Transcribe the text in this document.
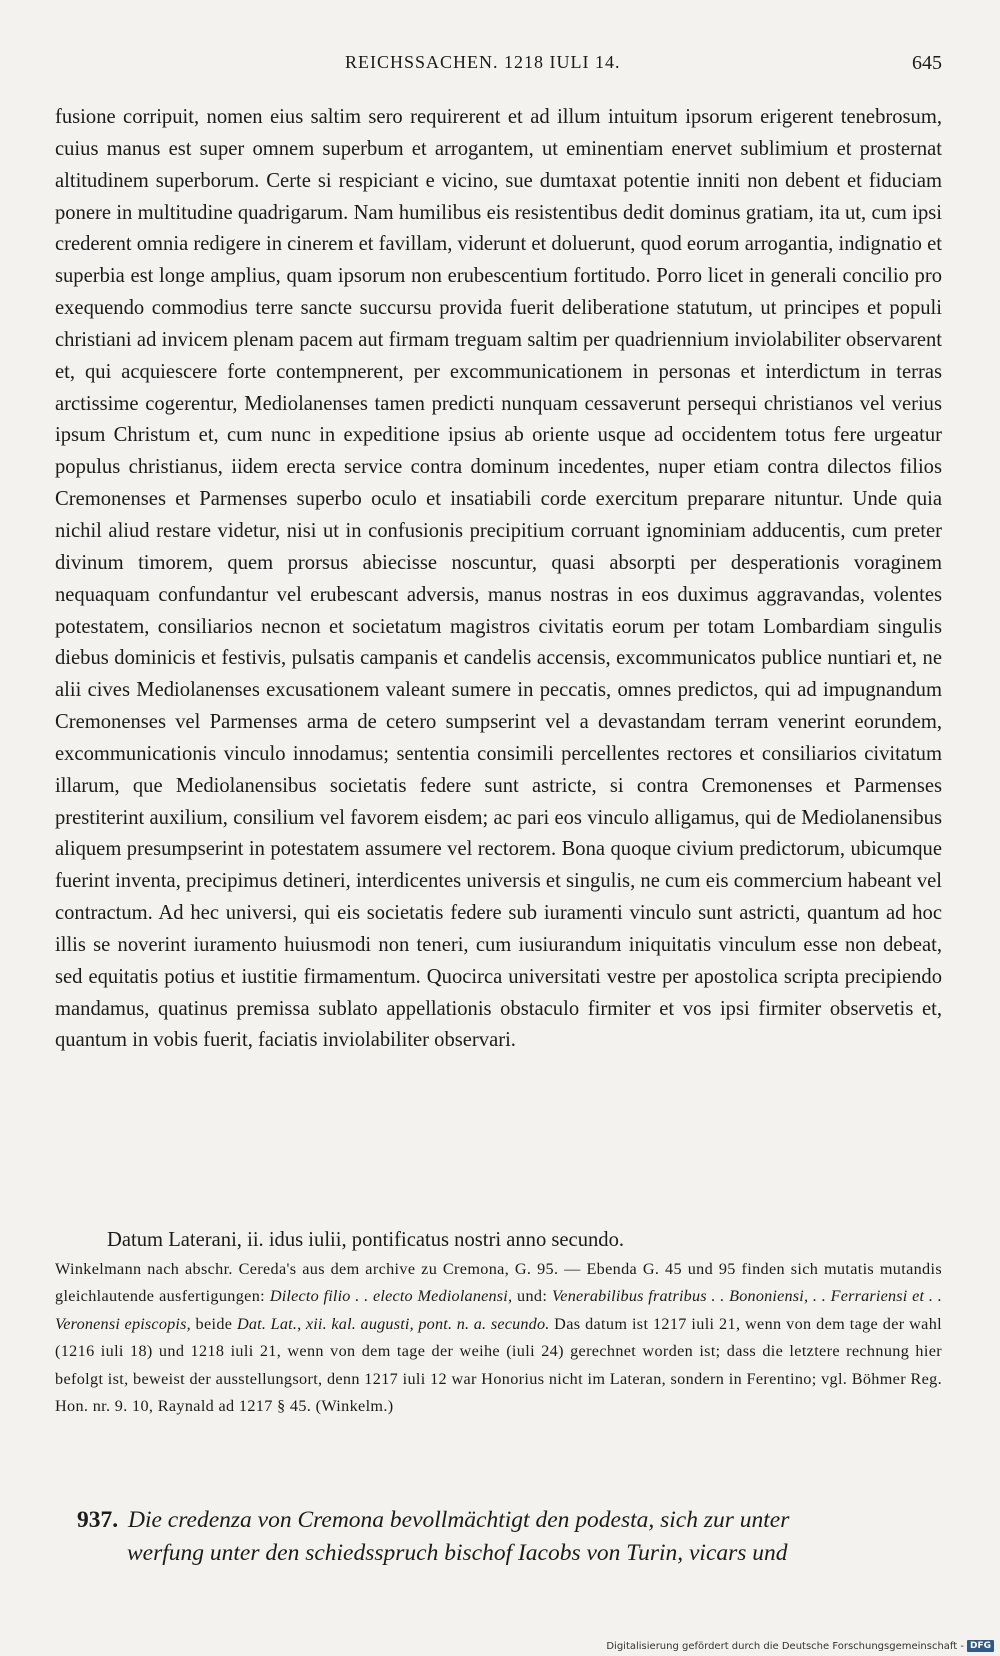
REICHSSACHEN. 1218 IULI 14.	645

fusione corripuit, nomen eius saltim sero requirerent et ad illum intuitum ipsorum erigerent tenebrosum, cuius manus est super omnem superbum et arrogantem, ut eminentiam enervet sublimium et prosternat altitudinem superborum. Certe si respiciant e vicino, sue dumtaxat potentie inniti non debent et fiduciam ponere in multitudine quadrigarum. Nam humilibus eis resistentibus dedit dominus gratiam, ita ut, cum ipsi crederent omnia redigere in cinerem et favillam, viderunt et doluerunt, quod eorum arrogantia, indignatio et superbia est longe amplius, quam ipsorum non erubescentium fortitudo. Porro licet in generali concilio pro exequendo commodius terre sancte succursu provida fuerit deliberatione statutum, ut principes et populi christiani ad invicem plenam pacem aut firmam treguam saltim per quadriennium inviolabiliter observarent et, qui acquiescere forte contempnerent, per excommunicationem in personas et interdictum in terras arctissime cogerentur, Mediolanenses tamen predicti nunquam cessaverunt persequi christianos vel verius ipsum Christum et, cum nunc in expeditione ipsius ab oriente usque ad occidentem totus fere urgeatur populus christianus, iidem erecta service contra dominum incedentes, nuper etiam contra dilectos filios Cremonenses et Parmenses superbo oculo et insatiabili corde exercitum preparare nituntur. Unde quia nichil aliud restare videtur, nisi ut in confusionis precipitium corruant ignominiam adducentis, cum preter divinum timorem, quem prorsus abiecisse noscuntur, quasi absorpti per desperationis voraginem nequaquam confundantur vel erubescant adversis, manus nostras in eos duximus aggravandas, volentes potestatem, consiliarios necnon et societatum magistros civitatis eorum per totam Lombardiam singulis diebus dominicis et festivis, pulsatis campanis et candelis accensis, excommunicatos publice nuntiari et, ne alii cives Mediolanenses excusationem valeant sumere in peccatis, omnes predictos, qui ad impugnandum Cremonenses vel Parmenses arma de cetero sumpserint vel a devastandam terram venerint eorundem, excommunicationis vinculo innodamus; sententia consimili percellentes rectores et consiliarios civitatum illarum, que Mediolanensibus societatis federe sunt astricte, si contra Cremonenses et Parmenses prestiterint auxilium, consilium vel favorem eisdem; ac pari eos vinculo alligamus, qui de Mediolanensibus aliquem presumpserint in potestatem assumere vel rectorem. Bona quoque civium predictorum, ubicumque fuerint inventa, precipimus detineri, interdicentes universis et singulis, ne cum eis commercium habeant vel contractum. Ad hec universi, qui eis societatis federe sub iuramenti vinculo sunt astricti, quantum ad hoc illis se noverint iuramento huiusmodi non teneri, cum iusiurandum iniquitatis vinculum esse non debeat, sed equitatis potius et iustitie firmamentum. Quocirca universitati vestre per apostolica scripta precipiendo mandamus, quatinus premissa sublato appellationis obstaculo firmiter et vos ipsi firmiter observetis et, quantum in vobis fuerit, faciatis inviolabiliter observari.

Datum Laterani, ii. idus iulii, pontificatus nostri anno secundo.
Winkelmann nach abschr. Cereda's aus dem archive zu Cremona, G. 95. — Ebenda G. 45 und 95 finden sich mutatis mutandis gleichlautende ausfertigungen: Dilecto filio . . electo Mediolanensi, und: Venerabilibus fratribus . . Bononiensi, . . Ferrariensi et . . Veronensi episcopis, beide Dat. Lat., xii. kal. augusti, pont. n. a. secundo. Das datum ist 1217 iuli 21, wenn von dem tage der wahl (1216 iuli 18) und 1218 iuli 21, wenn von dem tage der weihe (iuli 24) gerechnet worden ist; dass die letztere rechnung hier befolgt ist, beweist der ausstellungsort, denn 1217 iuli 12 war Honorius nicht im Lateran, sondern in Ferentino; vgl. Böhmer Reg. Hon. nr. 9. 10, Raynald ad 1217 § 45. (Winkelm.)
937. Die credenza von Cremona bevollmächtigt den podesta, sich zur unter
werfung unter den schiedsspruch bischof Iacobs von Turin, vicars und
Digitalisierung gefördert durch die Deutsche Forschungsgemeinschaft - DFG
